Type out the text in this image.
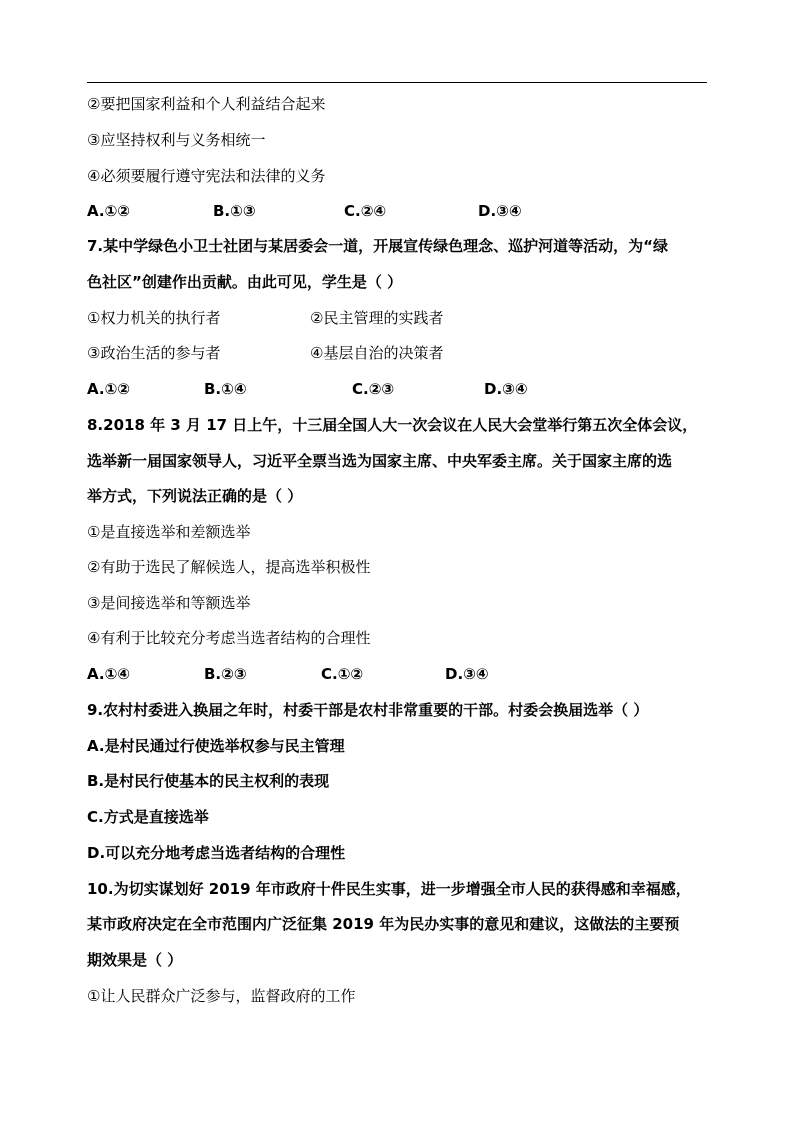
②要把国家利益和个人利益结合起来
③应坚持权利与义务相统一
④必须要履行遵守宪法和法律的义务
A.①②	B.①③	C.②④	D.③④
7.某中学绿色小卫士社团与某居委会一道，开展宣传绿色理念、巡护河道等活动，为“绿
色社区”创建作出贡献。由此可见，学生是（ ）
①权力机关的执行者	②民主管理的实践者
③政治生活的参与者	④基层自治的决策者
A.①②	B.①④	C.②③	D.③④
8.2018 年 3 月 17 日上午，十三届全国人大一次会议在人民大会堂举行第五次全体会议，
选举新一届国家领导人，习近平全票当选为国家主席、中央军委主席。关于国家主席的选
举方式，下列说法正确的是（ ）
①是直接选举和差额选举
②有助于选民了解候选人，提高选举积极性
③是间接选举和等额选举
④有利于比较充分考虑当选者结构的合理性
A.①④	B.②③	C.①②	D.③④
9.农村村委进入换届之年时，村委干部是农村非常重要的干部。村委会换届选举（ ）
A.是村民通过行使选举权参与民主管理
B.是村民行使基本的民主权利的表现
C.方式是直接选举
D.可以充分地考虑当选者结构的合理性
10.为切实谋划好 2019 年市政府十件民生实事，进一步增强全市人民的获得感和幸福感，
某市政府决定在全市范围内广泛征集 2019 年为民办实事的意见和建议，这做法的主要预
期效果是（ ）
①让人民群众广泛参与，监督政府的工作
